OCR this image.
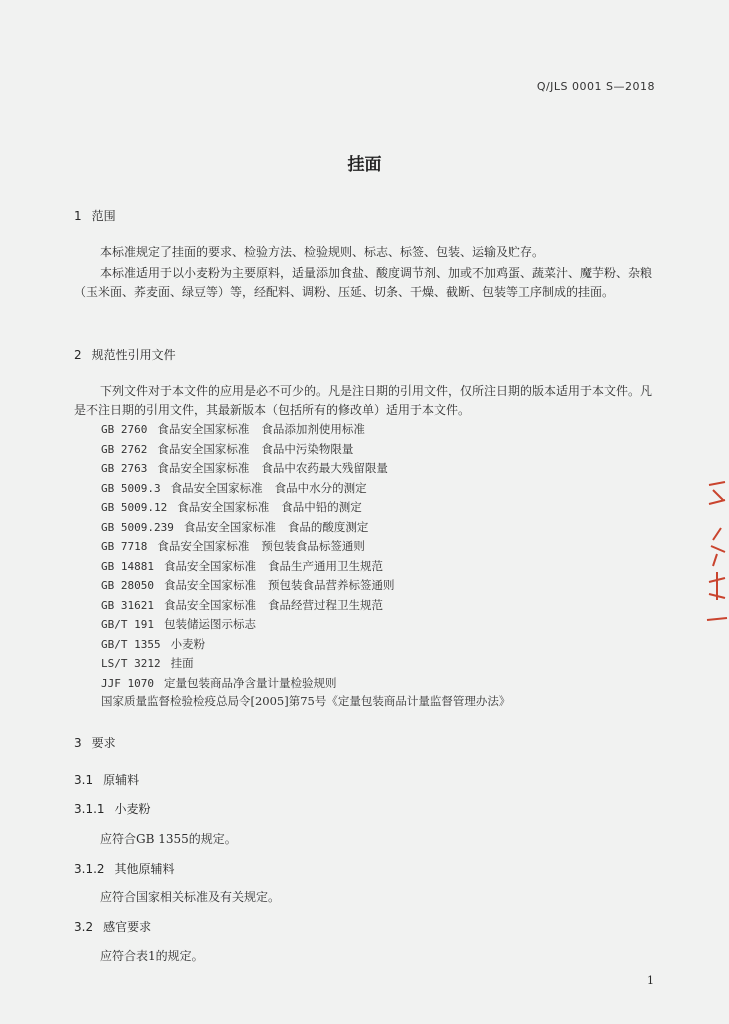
Q/JLS 0001 S—2018
挂面
1 范围
本标准规定了挂面的要求、检验方法、检验规则、标志、标签、包装、运输及贮存。
本标准适用于以小麦粉为主要原料，适量添加食盐、酸度调节剂、加或不加鸡蛋、蔬菜汁、魔芋粉、杂粮（玉米面、荞麦面、绿豆等）等，经配料、调粉、压延、切条、干燥、截断、包装等工序制成的挂面。
2 规范性引用文件
下列文件对于本文件的应用是必不可少的。凡是注日期的引用文件，仅所注日期的版本适用于本文件。凡是不注日期的引用文件，其最新版本（包括所有的修改单）适用于本文件。
GB 2760 食品安全国家标准 食品添加剂使用标准
GB 2762 食品安全国家标准 食品中污染物限量
GB 2763 食品安全国家标准 食品中农药最大残留限量
GB 5009.3 食品安全国家标准 食品中水分的测定
GB 5009.12 食品安全国家标准 食品中铅的测定
GB 5009.239 食品安全国家标准 食品的酸度测定
GB 7718 食品安全国家标准 预包装食品标签通则
GB 14881 食品安全国家标准 食品生产通用卫生规范
GB 28050 食品安全国家标准 预包装食品营养标签通则
GB 31621 食品安全国家标准 食品经营过程卫生规范
GB/T 191 包装储运图示标志
GB/T 1355 小麦粉
LS/T 3212 挂面
JJF 1070 定量包装商品净含量计量检验规则
国家质量监督检验检疫总局令[2005]第75号《定量包装商品计量监督管理办法》
3 要求
3.1 原辅料
3.1.1 小麦粉
应符合GB 1355的规定。
3.1.2 其他原辅料
应符合国家相关标准及有关规定。
3.2 感官要求
应符合表1的规定。
1
